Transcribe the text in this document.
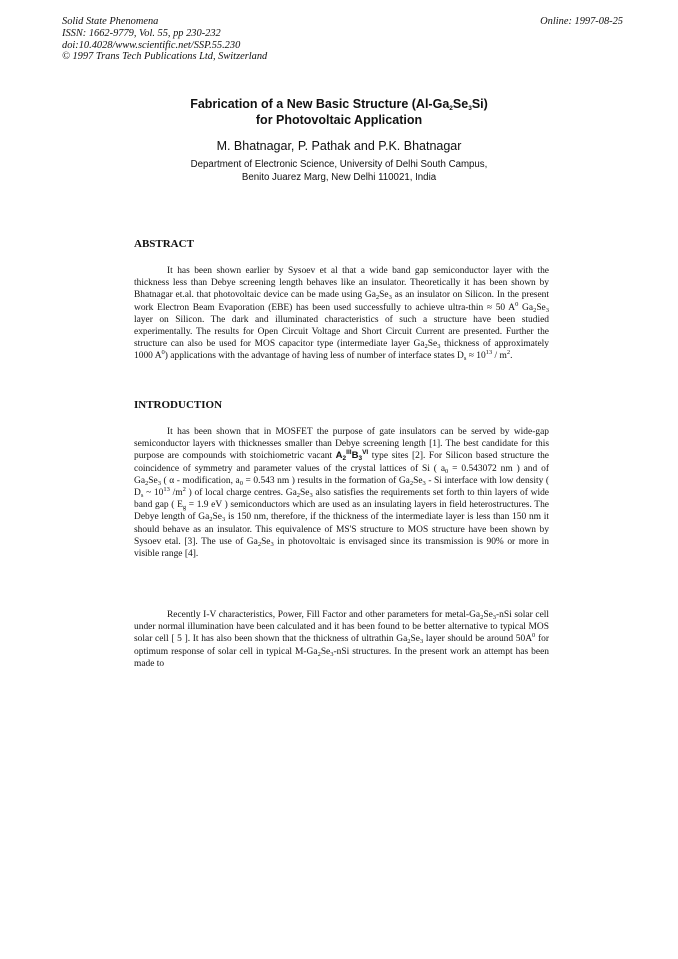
Solid State Phenomena
ISSN: 1662-9779, Vol. 55, pp 230-232
doi:10.4028/www.scientific.net/SSP.55.230
© 1997 Trans Tech Publications Ltd, Switzerland
Online: 1997-08-25
Fabrication of a New Basic Structure $(Al-Ga_2Se_3Si)$
for Photovoltaic Application
M. Bhatnagar, P. Pathak and P.K. Bhatnagar
Department of Electronic Science, University of Delhi South Campus,
Benito Juarez Marg, New Delhi 110021, India
ABSTRACT

It has been shown earlier by Sysoev et al that a wide band gap semiconductor layer with the thickness less than Debye screening length behaves like an insulator. Theoretically it has been shown by Bhatnagar et.al. that photovoltaic device can be made using $Ga_2Se_3$ as an insulator on Silicon. In the present work Electron Beam Evaporation (EBE) has been used successfully to achieve ultra-thin ≈ 50 $A^0$ $Ga_2Se_3$ layer on Silicon. The dark and illuminated characteristics of such a structure have been studied experimentally. The results for Open Circuit Voltage and Short Circuit Current are presented. Further the structure can also be used for MOS capacitor type (intermediate layer $Ga_2Se_3$ thickness of approximately 1000 $A^0$) applications with the advantage of having less of number of interface states $D_s \approx 10^{13} / m^2$.

INTRODUCTION

It has been shown that in MOSFET the purpose of gate insulators can be served by wide-gap semiconductor layers with thicknesses smaller than Debye screening length [1]. The best candidate for this purpose are compounds with stoichiometric vacant $A_2^{III}B_3^{VI}$ type sites [2]. For Silicon based structure the coincidence of symmetry and parameter values of the crystal lattices of Si ( $a_0 = 0.543072$ nm ) and of $Ga_2Se_3$ ( α - modification, $a_0 = 0.543$ nm ) results in the formation of $Ga_2Se_3$ - Si interface with low density ( $D_s$ ~ $10^{13}$ $/m^2$ ) of local charge centres. $Ga_2Se_3$ also satisfies the requirements set forth to thin layers of wide band gap ( $E_g = 1.9$ eV ) semiconductors which are used as an insulating layers in field heterostructures. The Debye length of $Ga_2Se_3$ is 150 nm, therefore, if the thickness of the intermediate layer is less than 150 nm it should behave as an insulator. This equivalence of MS'S structure to MOS structure have been shown by Sysoev etal. [3]. The use of $Ga_2Se_3$ in photovoltaic is envisaged since its transmission is 90% or more in visible range [4].

Recently I-V characteristics, Power, Fill Factor and other parameters for metal-$Ga_2Se_3$-nSi solar cell under normal illumination have been calculated and it has been found to be better alternative to typical MOS solar cell [ 5 ]. It has also been shown that the thickness of ultrathin $Ga_2Se_3$ layer should be around $50A^0$ for optimum response of solar cell in typical $M-Ga_2Se_3$-nSi structures. In the present work an attempt has been made to
